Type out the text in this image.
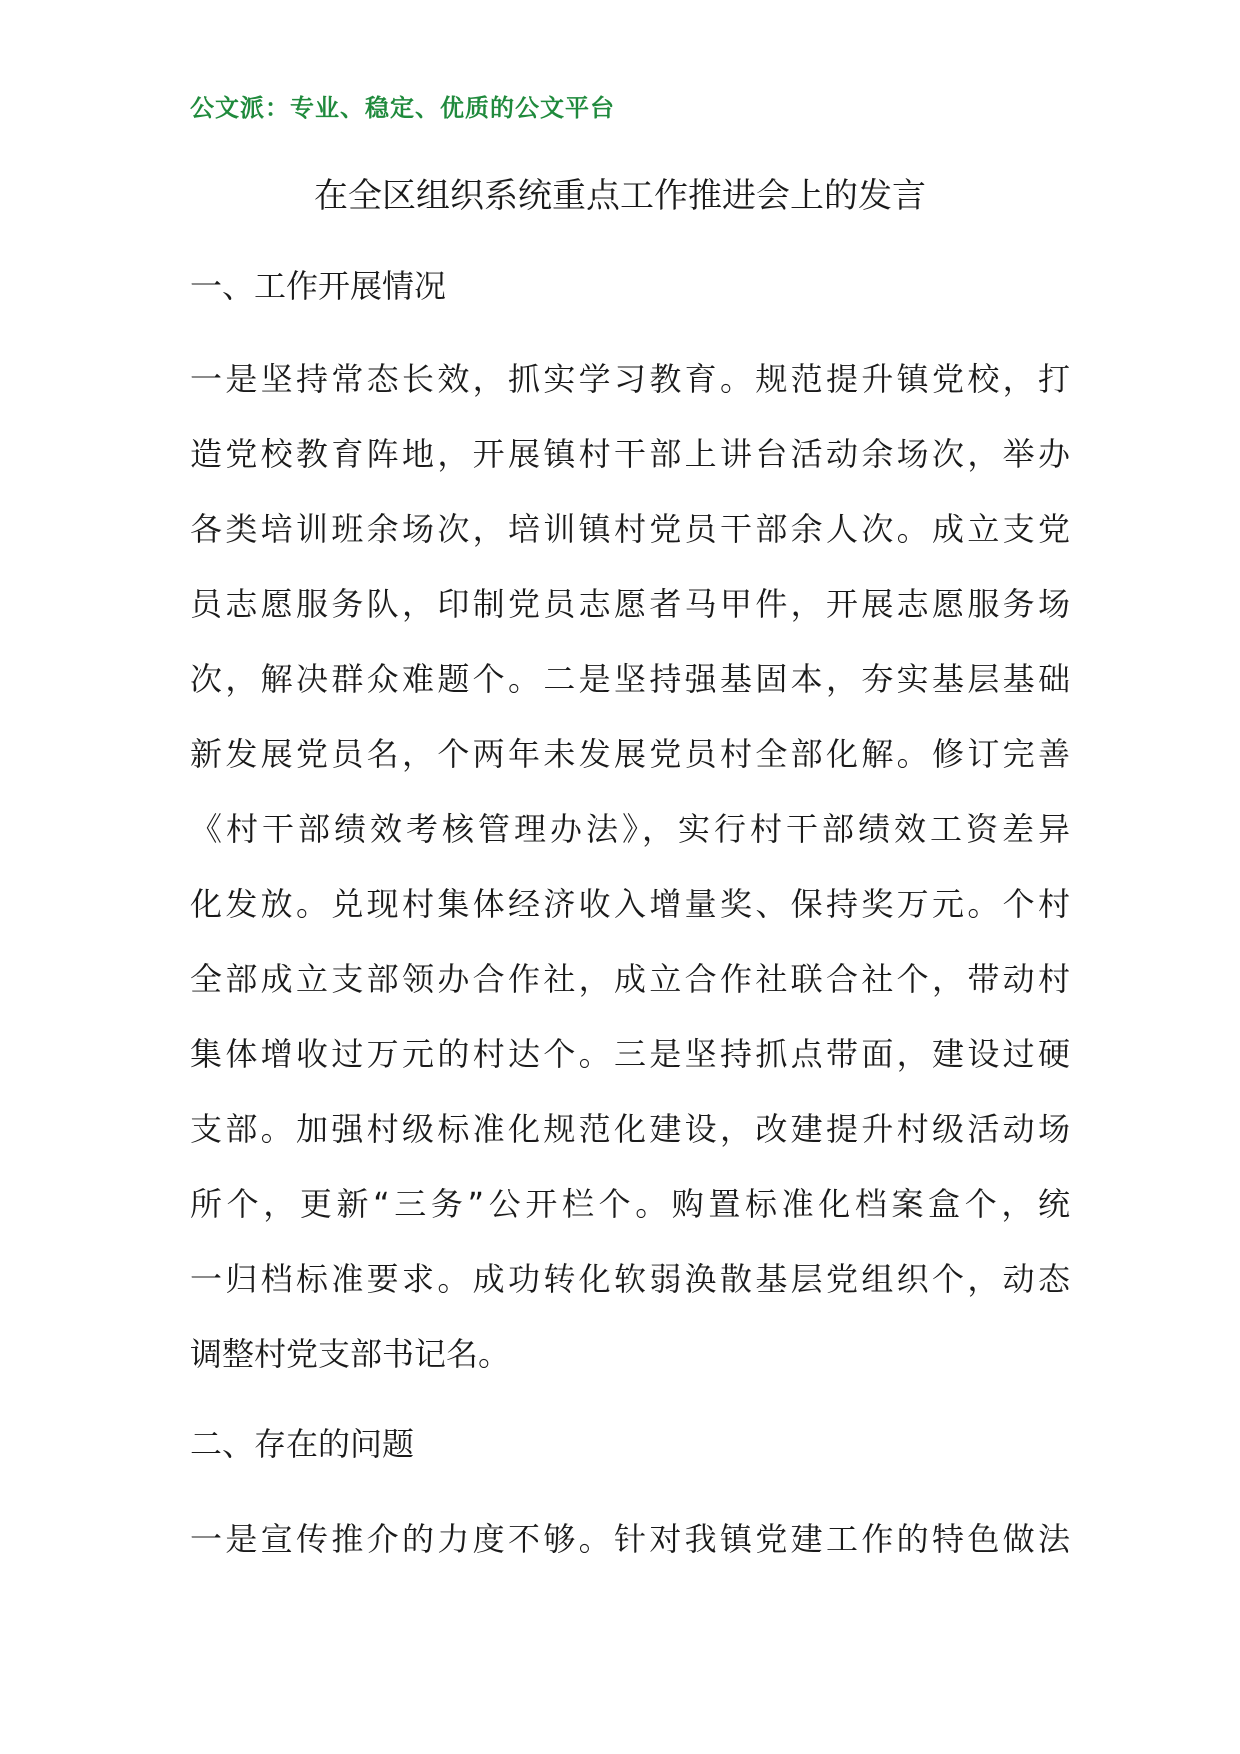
公文派：专业、稳定、优质的公文平台
在全区组织系统重点工作推进会上的发言
一、工作开展情况
一是坚持常态长效，抓实学习教育。规范提升镇党校，打
造党校教育阵地，开展镇村干部上讲台活动余场次，举办
各类培训班余场次，培训镇村党员干部余人次。成立支党
员志愿服务队，印制党员志愿者马甲件，开展志愿服务场
次，解决群众难题个。二是坚持强基固本，夯实基层基础
新发展党员名，个两年未发展党员村全部化解。修订完善
《村干部绩效考核管理办法》，实行村干部绩效工资差异
化发放。兑现村集体经济收入增量奖、保持奖万元。个村
全部成立支部领办合作社，成立合作社联合社个，带动村
集体增收过万元的村达个。三是坚持抓点带面，建设过硬
支部。加强村级标准化规范化建设，改建提升村级活动场
所个，更新“三务”公开栏个。购置标准化档案盒个，统
一归档标准要求。成功转化软弱涣散基层党组织个，动态
调整村党支部书记名。
二、存在的问题
一是宣传推介的力度不够。针对我镇党建工作的特色做法
